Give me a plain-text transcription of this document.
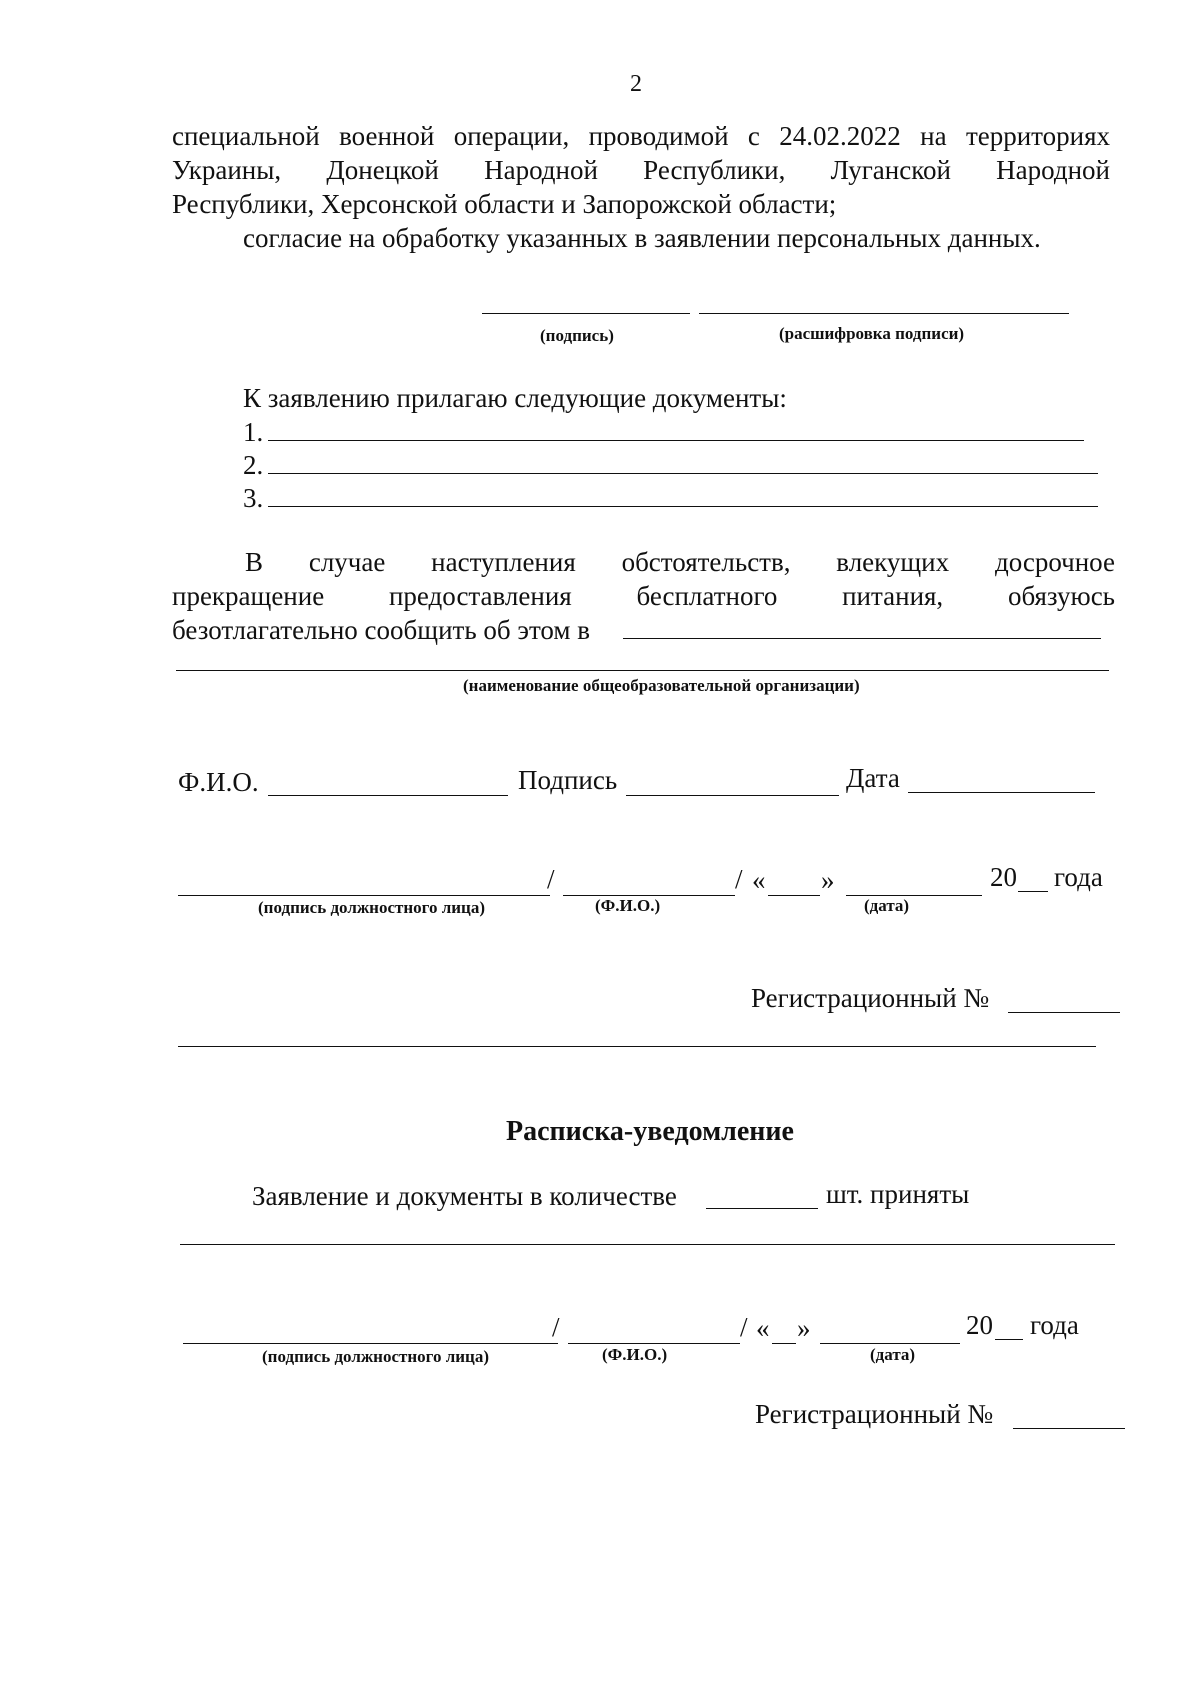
2
специальной военной операции, проводимой с 24.02.2022 на территориях
Украины, Донецкой Народной Республики, Луганской Народной
Республики, Херсонской области и Запорожской области;
согласие на обработку указанных в заявлении персональных данных.
(подпись)	(расшифровка подписи)
К заявлению прилагаю следующие документы:
1.
2.
3.
В случае наступления обстоятельств, влекущих досрочное
прекращение предоставления бесплатного питания, обязуюсь
безотлагательно сообщить об этом в
(наименование общеобразовательной организации)
Ф.И.О.	Подпись	Дата
/	/ « »	20 года
(подпись должностного лица)	(Ф.И.О.)	(дата)
Регистрационный №
Расписка-уведомление
Заявление и документы в количестве	шт. приняты
/	/ « »	20 года
(подпись должностного лица)	(Ф.И.О.)	(дата)
Регистрационный №
